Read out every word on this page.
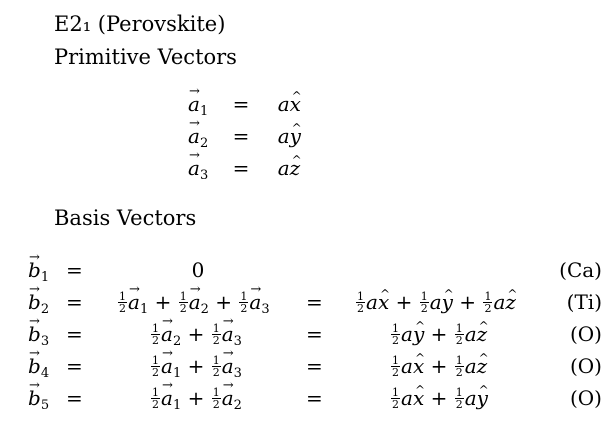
E2₁ (Perovskite)
Primitive Vectors
→ $a_1$ = a^ x
→ $a_2$ = a^ y
→ $a_3$ = a^ z
Basis Vectors
→ $b_1$ =	0	(Ca)
→ $b_2$ =	$\frac{1}{2}$
→ $a_1 + \frac{1}{2}$
→ $a_2 + \frac{1}{2}$
→ $a_3$ =	$\frac{1}{2}$ a^ $x + \frac{1}{2}$ a^ $y + \frac{1}{2}$ a^ z	(Ti)
→ $b_3$ =	$\frac{1}{2}$
→ $a_2 + \frac{1}{2}$
→ $a_3$	=	$\frac{1}{2}$ a^ $y + \frac{1}{2}$ a^ z	(O)
→ $b_4$ =	$\frac{1}{2}$
→ $a_1 + \frac{1}{2}$
→ $a_3$	=	$\frac{1}{2}$ a^ $x + \frac{1}{2}$ a^ z	(O)
→ $b_5$ =	$\frac{1}{2}$
→ $a_1 + \frac{1}{2}$
→ $a_2$	=	$\frac{1}{2}$ a^ $x + \frac{1}{2}$ a^ y	(O)
